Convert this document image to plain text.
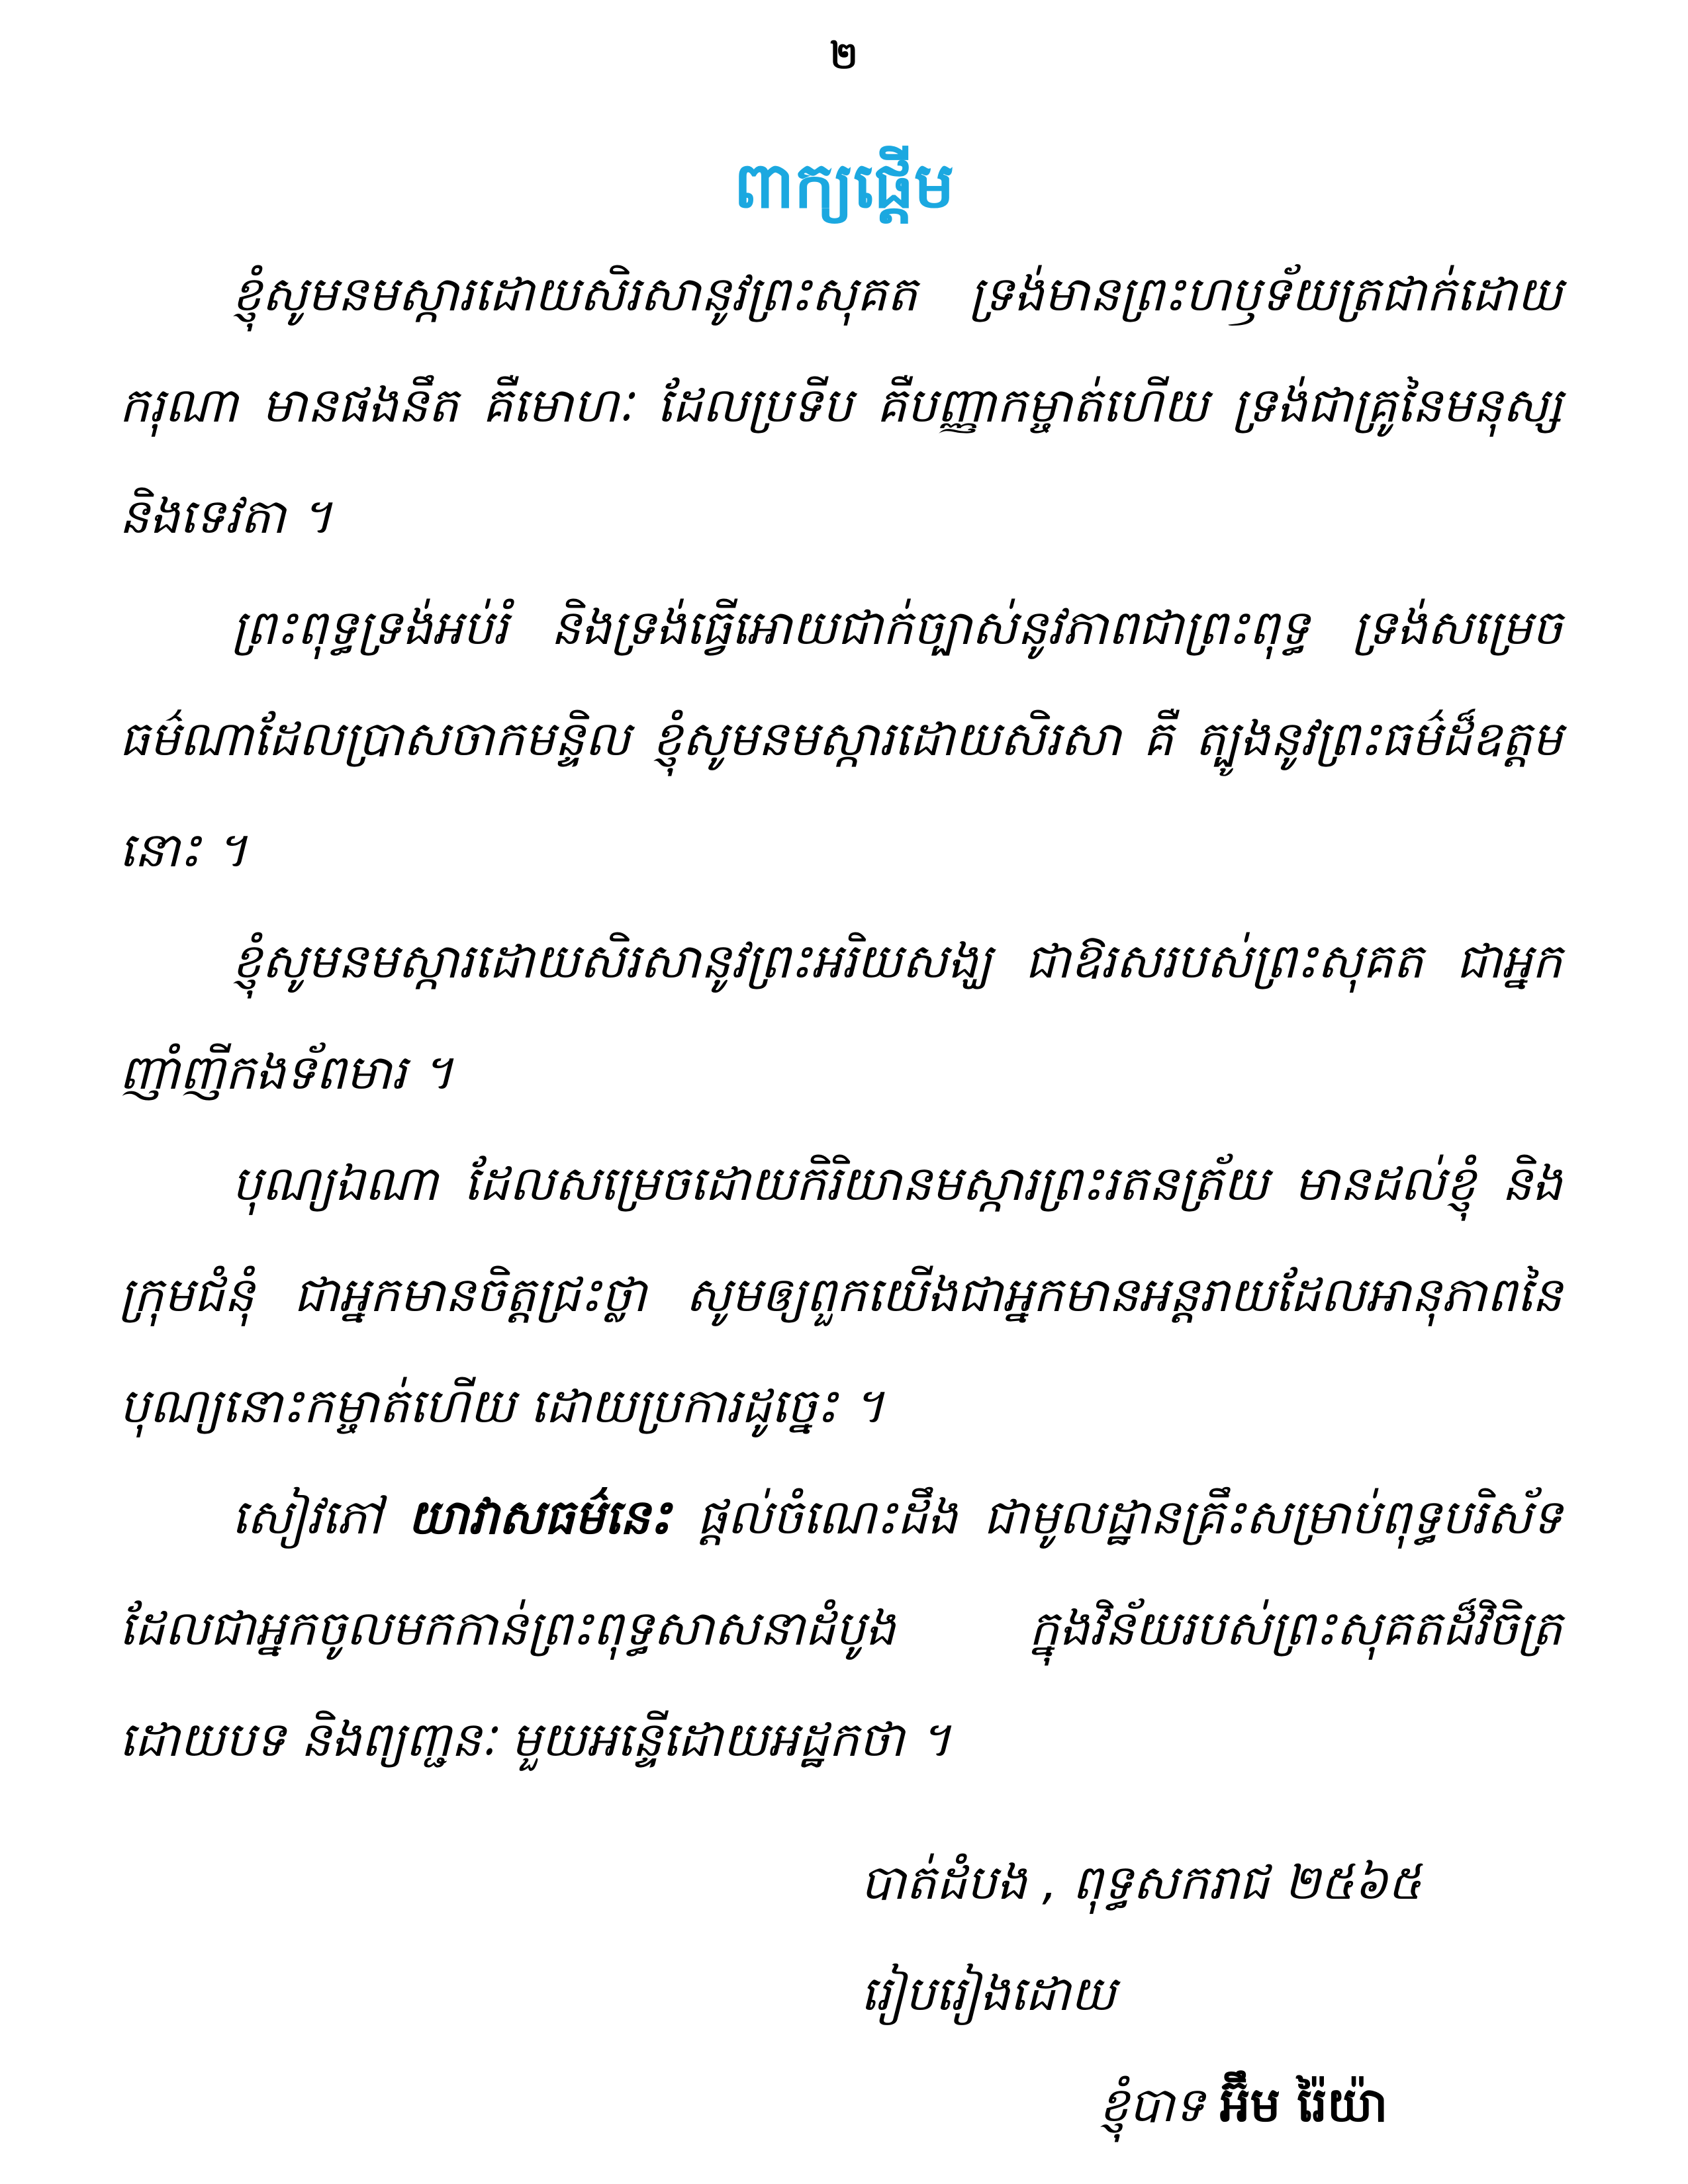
២
ពាក្យផ្តើម

ខ្ញុំសូមនមស្ការដោយសិរសានូវព្រះសុគត ទ្រង់មានព្រះហឫទ័យត្រជាក់ដោយករុណា មានផងនឹត គឺមោហៈ ដែលប្រទីប គឺបញ្ញាកម្ចាត់ហើយ ទ្រង់ជាគ្រូនៃមនុស្ស និងទេវតា ។

ព្រះពុទ្ធទ្រង់អប់រំ និងទ្រង់ធ្វើអោយជាក់ច្បាស់នូវភាពជាព្រះពុទ្ធ ទ្រង់សម្រេចធម៌ណាដែលប្រាសចាកមន្ទិល ខ្ញុំសូមនមស្ការដោយសិរសា គឺ ត្បូងនូវព្រះធម៌ដ៏ឧត្តមនោះ ។

ខ្ញុំសូមនមស្ការដោយសិរសានូវព្រះអរិយសង្ឃ ជាឱរសរបស់ព្រះសុគត ជាអ្នកញាំញីកងទ័ពមារ ។

បុណ្យឯណា ដែលសម្រេចដោយកិរិយានមស្ការព្រះរតនត្រ័យ មានដល់ខ្ញុំ និងក្រុមជំនុំ ជាអ្នកមានចិត្តជ្រះថ្លា សូមឲ្យពួកយើងជាអ្នកមានអន្តរាយដែលអានុភាពនៃបុណ្យនោះកម្ចាត់ហើយ ដោយប្រការដូច្នេះ ។

សៀវភៅ យាវាសធម៌នេះ ផ្តល់ចំណេះដឹង ជាមូលដ្ឋានគ្រឹះសម្រាប់ពុទ្ធបរិស័ទដែលជាអ្នកចូលមកកាន់ព្រះពុទ្ធសាសនាដំបូង ក្នុងវិន័យរបស់ព្រះសុគតដ៏វិចិត្រដោយបទ និងព្យញ្ជនៈ មួយអន្ទើដោយអដ្ឋកថា ។

បាត់ដំបង , ពុទ្ធសករាជ ២៥៦៥

រៀបរៀងដោយ

ខ្ញុំបាទ អ៊ឹម រ៉ៃយ៉ា
